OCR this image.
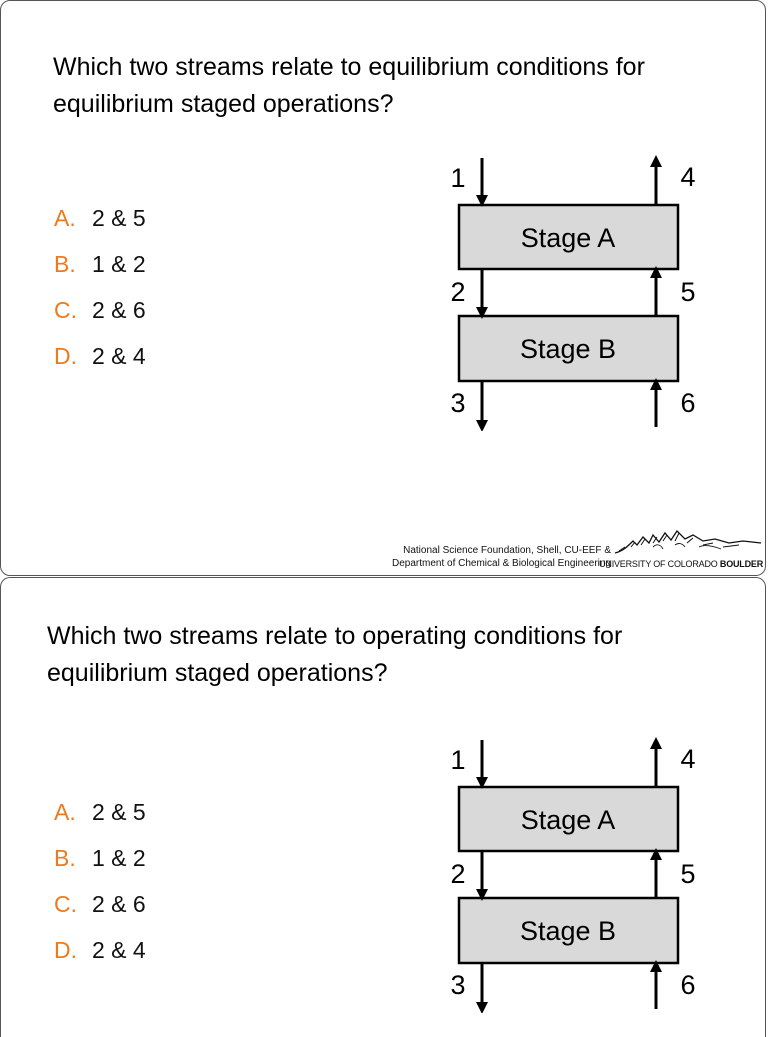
Which two streams relate to equilibrium conditions for equilibrium staged operations?
A. 2 & 5
B. 1 & 2
C. 2 & 6
D. 2 & 4
Stage A
Stage B
1
2
3
4
5
6
National Science Foundation, Shell, CU-EEF &
Department of Chemical & Biological Engineering
UNIVERSITY OF COLORADO BOULDER
Which two streams relate to operating conditions for equilibrium staged operations?
A. 2 & 5
B. 1 & 2
C. 2 & 6
D. 2 & 4
Stage A
Stage B
1
2
3
4
5
6
